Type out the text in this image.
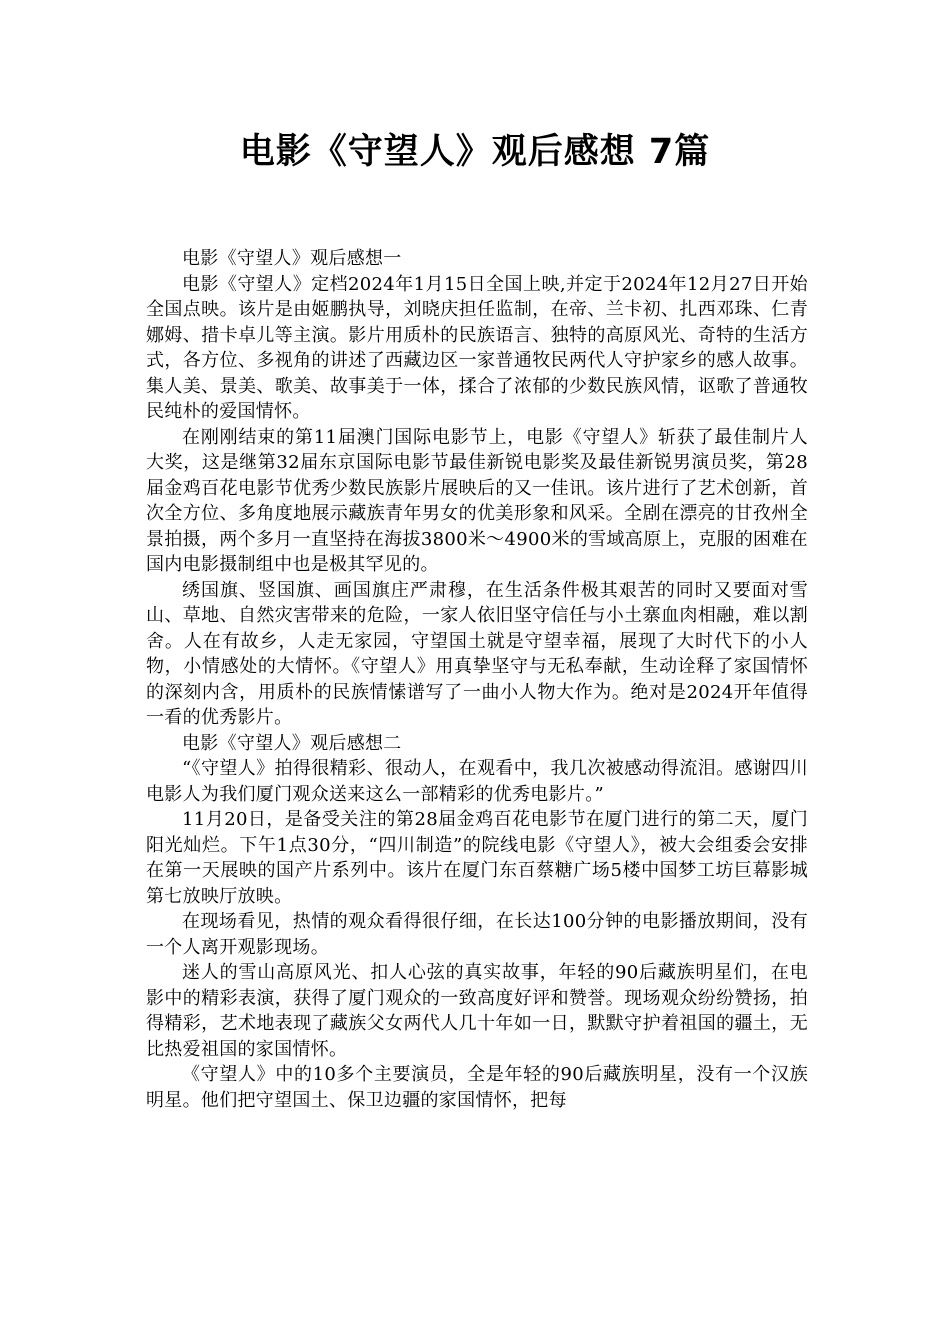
电影《守望人》观后感想 7篇

电影《守望人》观后感想一

电影《守望人》定档2024年1月15日全国上映,并定于2024年12月27日开始全国点映。该片是由姬鹏执导，刘晓庆担任监制，在帝、兰卡初、扎西邓珠、仁青娜姆、措卡卓儿等主演。影片用质朴的民族语言、独特的高原风光、奇特的生活方式，各方位、多视角的讲述了西藏边区一家普通牧民两代人守护家乡的感人故事。集人美、景美、歌美、故事美于一体，揉合了浓郁的少数民族风情，讴歌了普通牧民纯朴的爱国情怀。

在刚刚结束的第11届澳门国际电影节上，电影《守望人》斩获了最佳制片人大奖，这是继第32届东京国际电影节最佳新锐电影奖及最佳新锐男演员奖，第28届金鸡百花电影节优秀少数民族影片展映后的又一佳讯。该片进行了艺术创新，首次全方位、多角度地展示藏族青年男女的优美形象和风采。全剧在漂亮的甘孜州全景拍摄，两个多月一直坚持在海拔3800米～4900米的雪域高原上，克服的困难在国内电影摄制组中也是极其罕见的。

绣国旗、竖国旗、画国旗庄严肃穆，在生活条件极其艰苦的同时又要面对雪山、草地、自然灾害带来的危险，一家人依旧坚守信任与小土寨血肉相融，难以割舍。人在有故乡，人走无家园，守望国土就是守望幸福，展现了大时代下的小人物，小情感处的大情怀。《守望人》用真挚坚守与无私奉献，生动诠释了家国情怀的深刻内含，用质朴的民族情愫谱写了一曲小人物大作为。绝对是2024开年值得一看的优秀影片。

电影《守望人》观后感想二

“《守望人》拍得很精彩、很动人，在观看中，我几次被感动得流泪。感谢四川电影人为我们厦门观众送来这么一部精彩的优秀电影片。”

11月20日，是备受关注的第28届金鸡百花电影节在厦门进行的第二天，厦门阳光灿烂。下午1点30分，“四川制造”的院线电影《守望人》，被大会组委会安排在第一天展映的国产片系列中。该片在厦门东百蔡糖广场5楼中国梦工坊巨幕影城第七放映厅放映。

在现场看见，热情的观众看得很仔细，在长达100分钟的电影播放期间，没有一个人离开观影现场。

迷人的雪山高原风光、扣人心弦的真实故事，年轻的90后藏族明星们，在电影中的精彩表演，获得了厦门观众的一致高度好评和赞誉。现场观众纷纷赞扬，拍得精彩，艺术地表现了藏族父女两代人几十年如一日，默默守护着祖国的疆土，无比热爱祖国的家国情怀。

《守望人》中的10多个主要演员，全是年轻的90后藏族明星，没有一个汉族明星。他们把守望国土、保卫边疆的家国情怀，把每
